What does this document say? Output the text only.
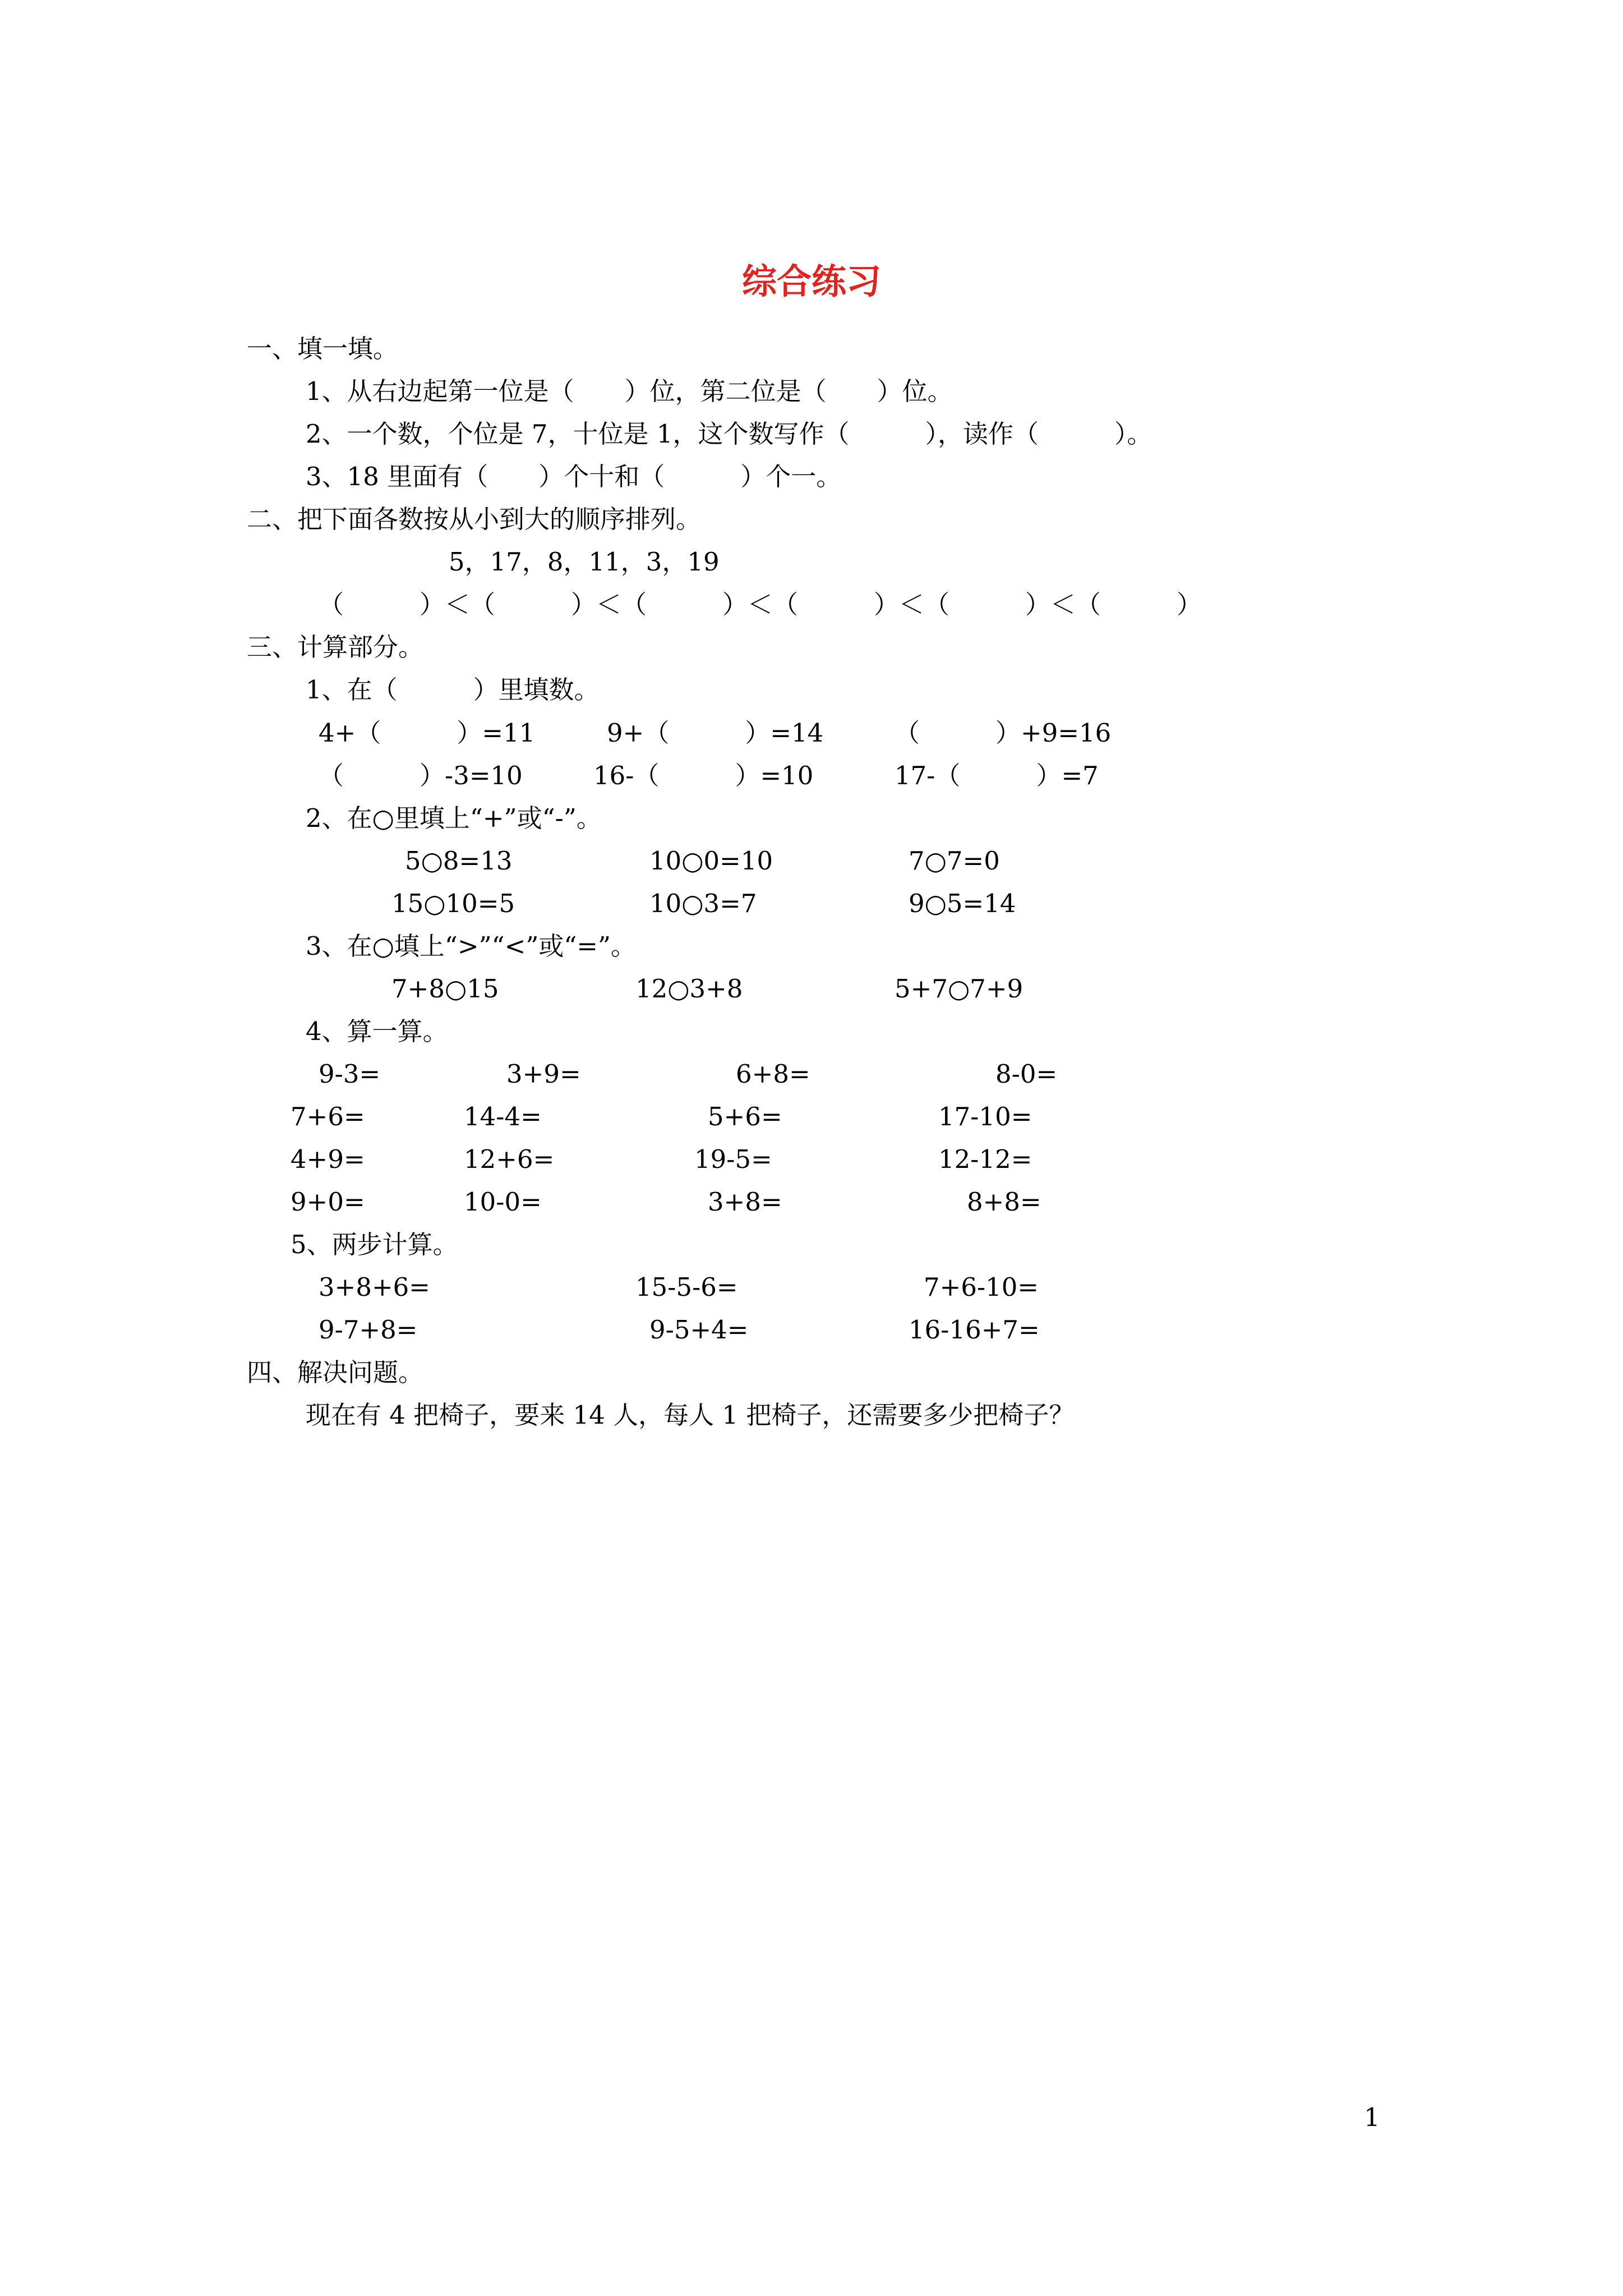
综合练习
一、填一填。
1、从右边起第一位是（　　）位，第二位是（　　）位。
2、一个数，个位是 7，十位是 1，这个数写作（　　　），读作（　　　）。
3、18 里面有（　　）个十和（　　　）个一。
二、把下面各数按从小到大的顺序排列。
5，17，8，11，3，19
（　　　）＜（　　　）＜（　　　）＜（　　　）＜（　　　）＜（　　　）
三、计算部分。
1、在（　　　）里填数。
4+（　　　）=11	9+（　　　）=14	（　　　）+9=16
（　　　）-3=10	16-（　　　）=10	17-（　　　）=7
2、在○里填上“+”或“-”。
5○8=13	10○0=10	7○7=0
15○10=5	10○3=7	9○5=14
3、在○填上“>”“<”或“=”。
7+8○15	12○3+8	5+7○7+9
4、算一算。
9-3=	3+9=	6+8=	8-0=
7+6=	14-4=	5+6=	17-10=
4+9=	12+6=	19-5=	12-12=
9+0=	10-0=	3+8=	8+8=
5、两步计算。
3+8+6=	15-5-6=	7+6-10=
9-7+8=	9-5+4=	16-16+7=
四、解决问题。
现在有 4 把椅子，要来 14 人，每人 1 把椅子，还需要多少把椅子？
1
